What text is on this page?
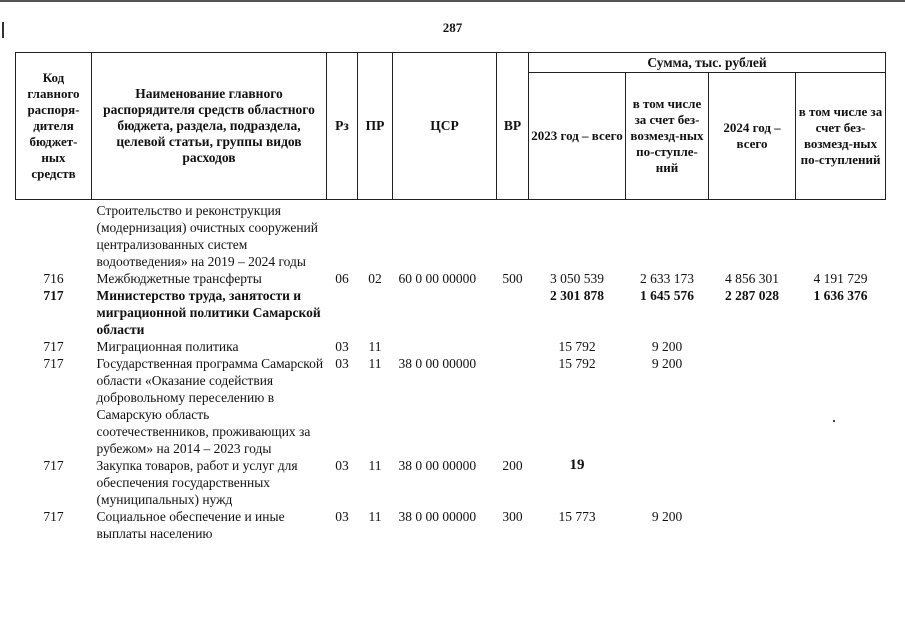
287
Код главного распоря-дителя бюджет-ных средств	Наименование главного распорядителя средств областного бюджета, раздела, подраздела, целевой статьи, группы видов расходов	Рз	ПР	ЦСР	ВР	Сумма, тыс. рублей			
						2023 год – всего	в том числе за счет без-возмезд-ных по-ступле-ний	2024 год – всего	в том числе за счет без-возмезд-ных по-ступлений

	Строительство и реконструкция (модернизация) очистных сооружений централизованных систем водоотведения» на 2019 – 2024 годы								
716	Межбюджетные трансферты	06	02	60 0 00 00000	500	3 050 539	2 633 173	4 856 301	4 191 729
717	Министерство труда, занятости и миграционной политики Самарской области					2 301 878	1 645 576	2 287 028	1 636 376
717	Миграционная политика	03	11			15 792	9 200		
717	Государственная программа Самарской области «Оказание содействия добровольному переселению в Самарскую область соотечественников, проживающих за рубежом» на 2014 – 2023 годы	03	11	38 0 00 00000		15 792	9 200		
717	Закупка товаров, работ и услуг для обеспечения государственных (муниципальных) нужд	03	11	38 0 00 00000	200	19			
717	Социальное обеспечение и иные выплаты населению	03	11	38 0 00 00000	300	15 773	9 200		
